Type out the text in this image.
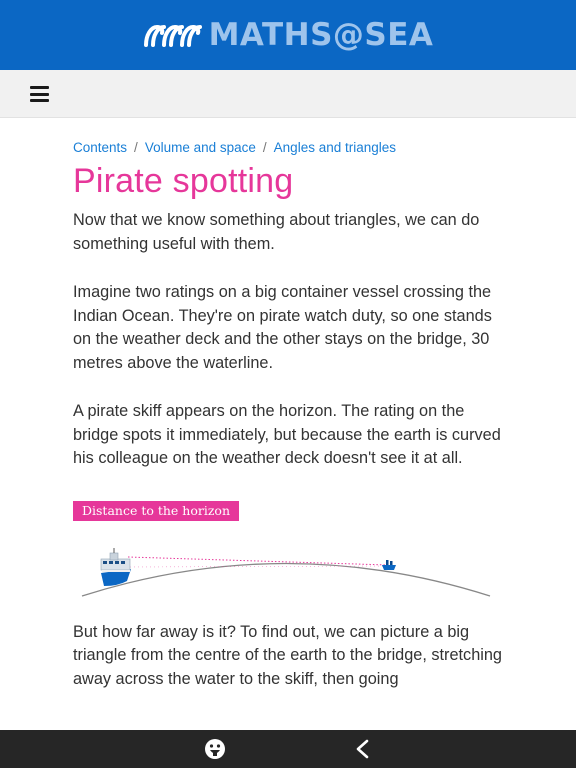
MATHS@SEA
Contents / Volume and space / Angles and triangles
Pirate spotting

Now that we know something about triangles, we can do something useful with them.

Imagine two ratings on a big container vessel crossing the Indian Ocean. They're on pirate watch duty, so one stands on the weather deck and the other stays on the bridge, 30 metres above the waterline.

A pirate skiff appears on the horizon. The rating on the bridge spots it immediately, but because the earth is curved his colleague on the weather deck doesn't see it at all.

Distance to the horizon

But how far away is it? To find out, we can picture a big triangle from the centre of the earth to the bridge, stretching away across the water to the skiff, then going
